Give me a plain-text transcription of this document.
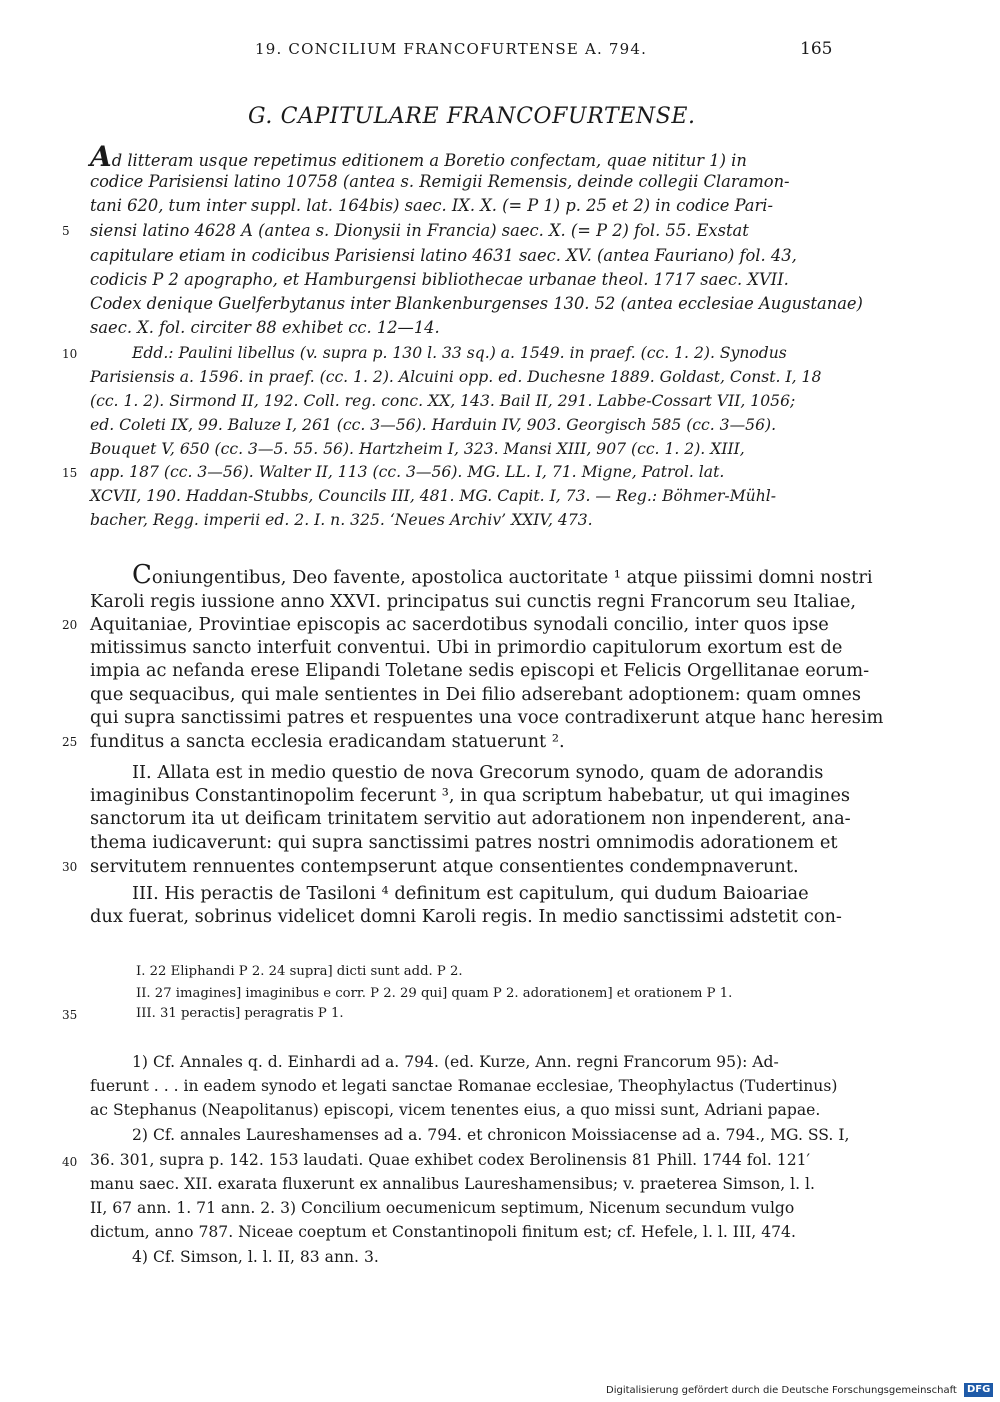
19. CONCILIUM FRANCOFURTENSE A. 794.	165
G. CAPITULARE FRANCOFURTENSE.
Ad litteram usque repetimus editionem a Boretio confectam, quae nititur 1) in
codice Parisiensi latino 10758 (antea s. Remigii Remensis, deinde collegii Claramon-
tani 620, tum inter suppl. lat. 164bis) saec. IX. X. (= P 1) p. 25 et 2) in codice Pari-
siensi latino 4628 A (antea s. Dionysii in Francia) saec. X. (= P 2) fol. 55. Exstat
capitulare etiam in codicibus Parisiensi latino 4631 saec. XV. (antea Fauriano) fol. 43,
codicis P 2 apographo, et Hamburgensi bibliothecae urbanae theol. 1717 saec. XVII.
Codex denique Guelferbytanus inter Blankenburgenses 130. 52 (antea ecclesiae Augustanae)
saec. X. fol. circiter 88 exhibet cc. 12—14.
Edd.: Paulini libellus (v. supra p. 130 l. 33 sq.) a. 1549. in praef. (cc. 1. 2). Synodus
Parisiensis a. 1596. in praef. (cc. 1. 2). Alcuini opp. ed. Duchesne 1889. Goldast, Const. I, 18
(cc. 1. 2). Sirmond II, 192. Coll. reg. conc. XX, 143. Bail II, 291. Labbe-Cossart VII, 1056;
ed. Coleti IX, 99. Baluze I, 261 (cc. 3—56). Harduin IV, 903. Georgisch 585 (cc. 3—56).
Bouquet V, 650 (cc. 3—5. 55. 56). Hartzheim I, 323. Mansi XIII, 907 (cc. 1. 2). XIII,
app. 187 (cc. 3—56). Walter II, 113 (cc. 3—56). MG. LL. I, 71. Migne, Patrol. lat.
XCVII, 190. Haddan-Stubbs, Councils III, 481. MG. Capit. I, 73. — Reg.: Böhmer-Mühl-
bacher, Regg. imperii ed. 2. I. n. 325. ‘Neues Archiv’ XXIV, 473.
Coniungentibus, Deo favente, apostolica auctoritate ¹ atque piissimi domni nostri
Karoli regis iussione anno XXVI. principatus sui cunctis regni Francorum seu Italiae,
Aquitaniae, Provintiae episcopis ac sacerdotibus synodali concilio, inter quos ipse
mitissimus sancto interfuit conventui. Ubi in primordio capitulorum exortum est de
impia ac nefanda erese Elipandi Toletane sedis episcopi et Felicis Orgellitanae eorum-
que sequacibus, qui male sentientes in Dei filio adserebant adoptionem: quam omnes
qui supra sanctissimi patres et respuentes una voce contradixerunt atque hanc heresim
funditus a sancta ecclesia eradicandam statuerunt ².
II. Allata est in medio questio de nova Grecorum synodo, quam de adorandis
imaginibus Constantinopolim fecerunt ³, in qua scriptum habebatur, ut qui imagines
sanctorum ita ut deificam trinitatem servitio aut adorationem non inpenderent, ana-
thema iudicaverunt: qui supra sanctissimi patres nostri omnimodis adorationem et
servitutem rennuentes contempserunt atque consentientes condempnaverunt.
III. His peractis de Tasiloni ⁴ definitum est capitulum, qui dudum Baioariae
dux fuerat, sobrinus videlicet domni Karoli regis. In medio sanctissimi adstetit con-
I. 22 Eliphandi P 2. 24 supra] dicti sunt add. P 2.
II. 27 imagines] imaginibus e corr. P 2. 29 qui] quam P 2. adorationem] et orationem P 1.
III. 31 peractis] peragratis P 1.
1) Cf. Annales q. d. Einhardi ad a. 794. (ed. Kurze, Ann. regni Francorum 95): Ad-
fuerunt . . . in eadem synodo et legati sanctae Romanae ecclesiae, Theophylactus (Tudertinus)
ac Stephanus (Neapolitanus) episcopi, vicem tenentes eius, a quo missi sunt, Adriani papae.
2) Cf. annales Laureshamenses ad a. 794. et chronicon Moissiacense ad a. 794., MG. SS. I,
36. 301, supra p. 142. 153 laudati. Quae exhibet codex Berolinensis 81 Phill. 1744 fol. 121′
manu saec. XII. exarata fluxerunt ex annalibus Laureshamensibus; v. praeterea Simson, l. l.
II, 67 ann. 1. 71 ann. 2. 3) Concilium oecumenicum septimum, Nicenum secundum vulgo
dictum, anno 787. Niceae coeptum et Constantinopoli finitum est; cf. Hefele, l. l. III, 474.
4) Cf. Simson, l. l. II, 83 ann. 3.
5
10
15
20
25
30
35
40
Digitalisierung gefördert durch die Deutsche Forschungsgemeinschaft	DFG
